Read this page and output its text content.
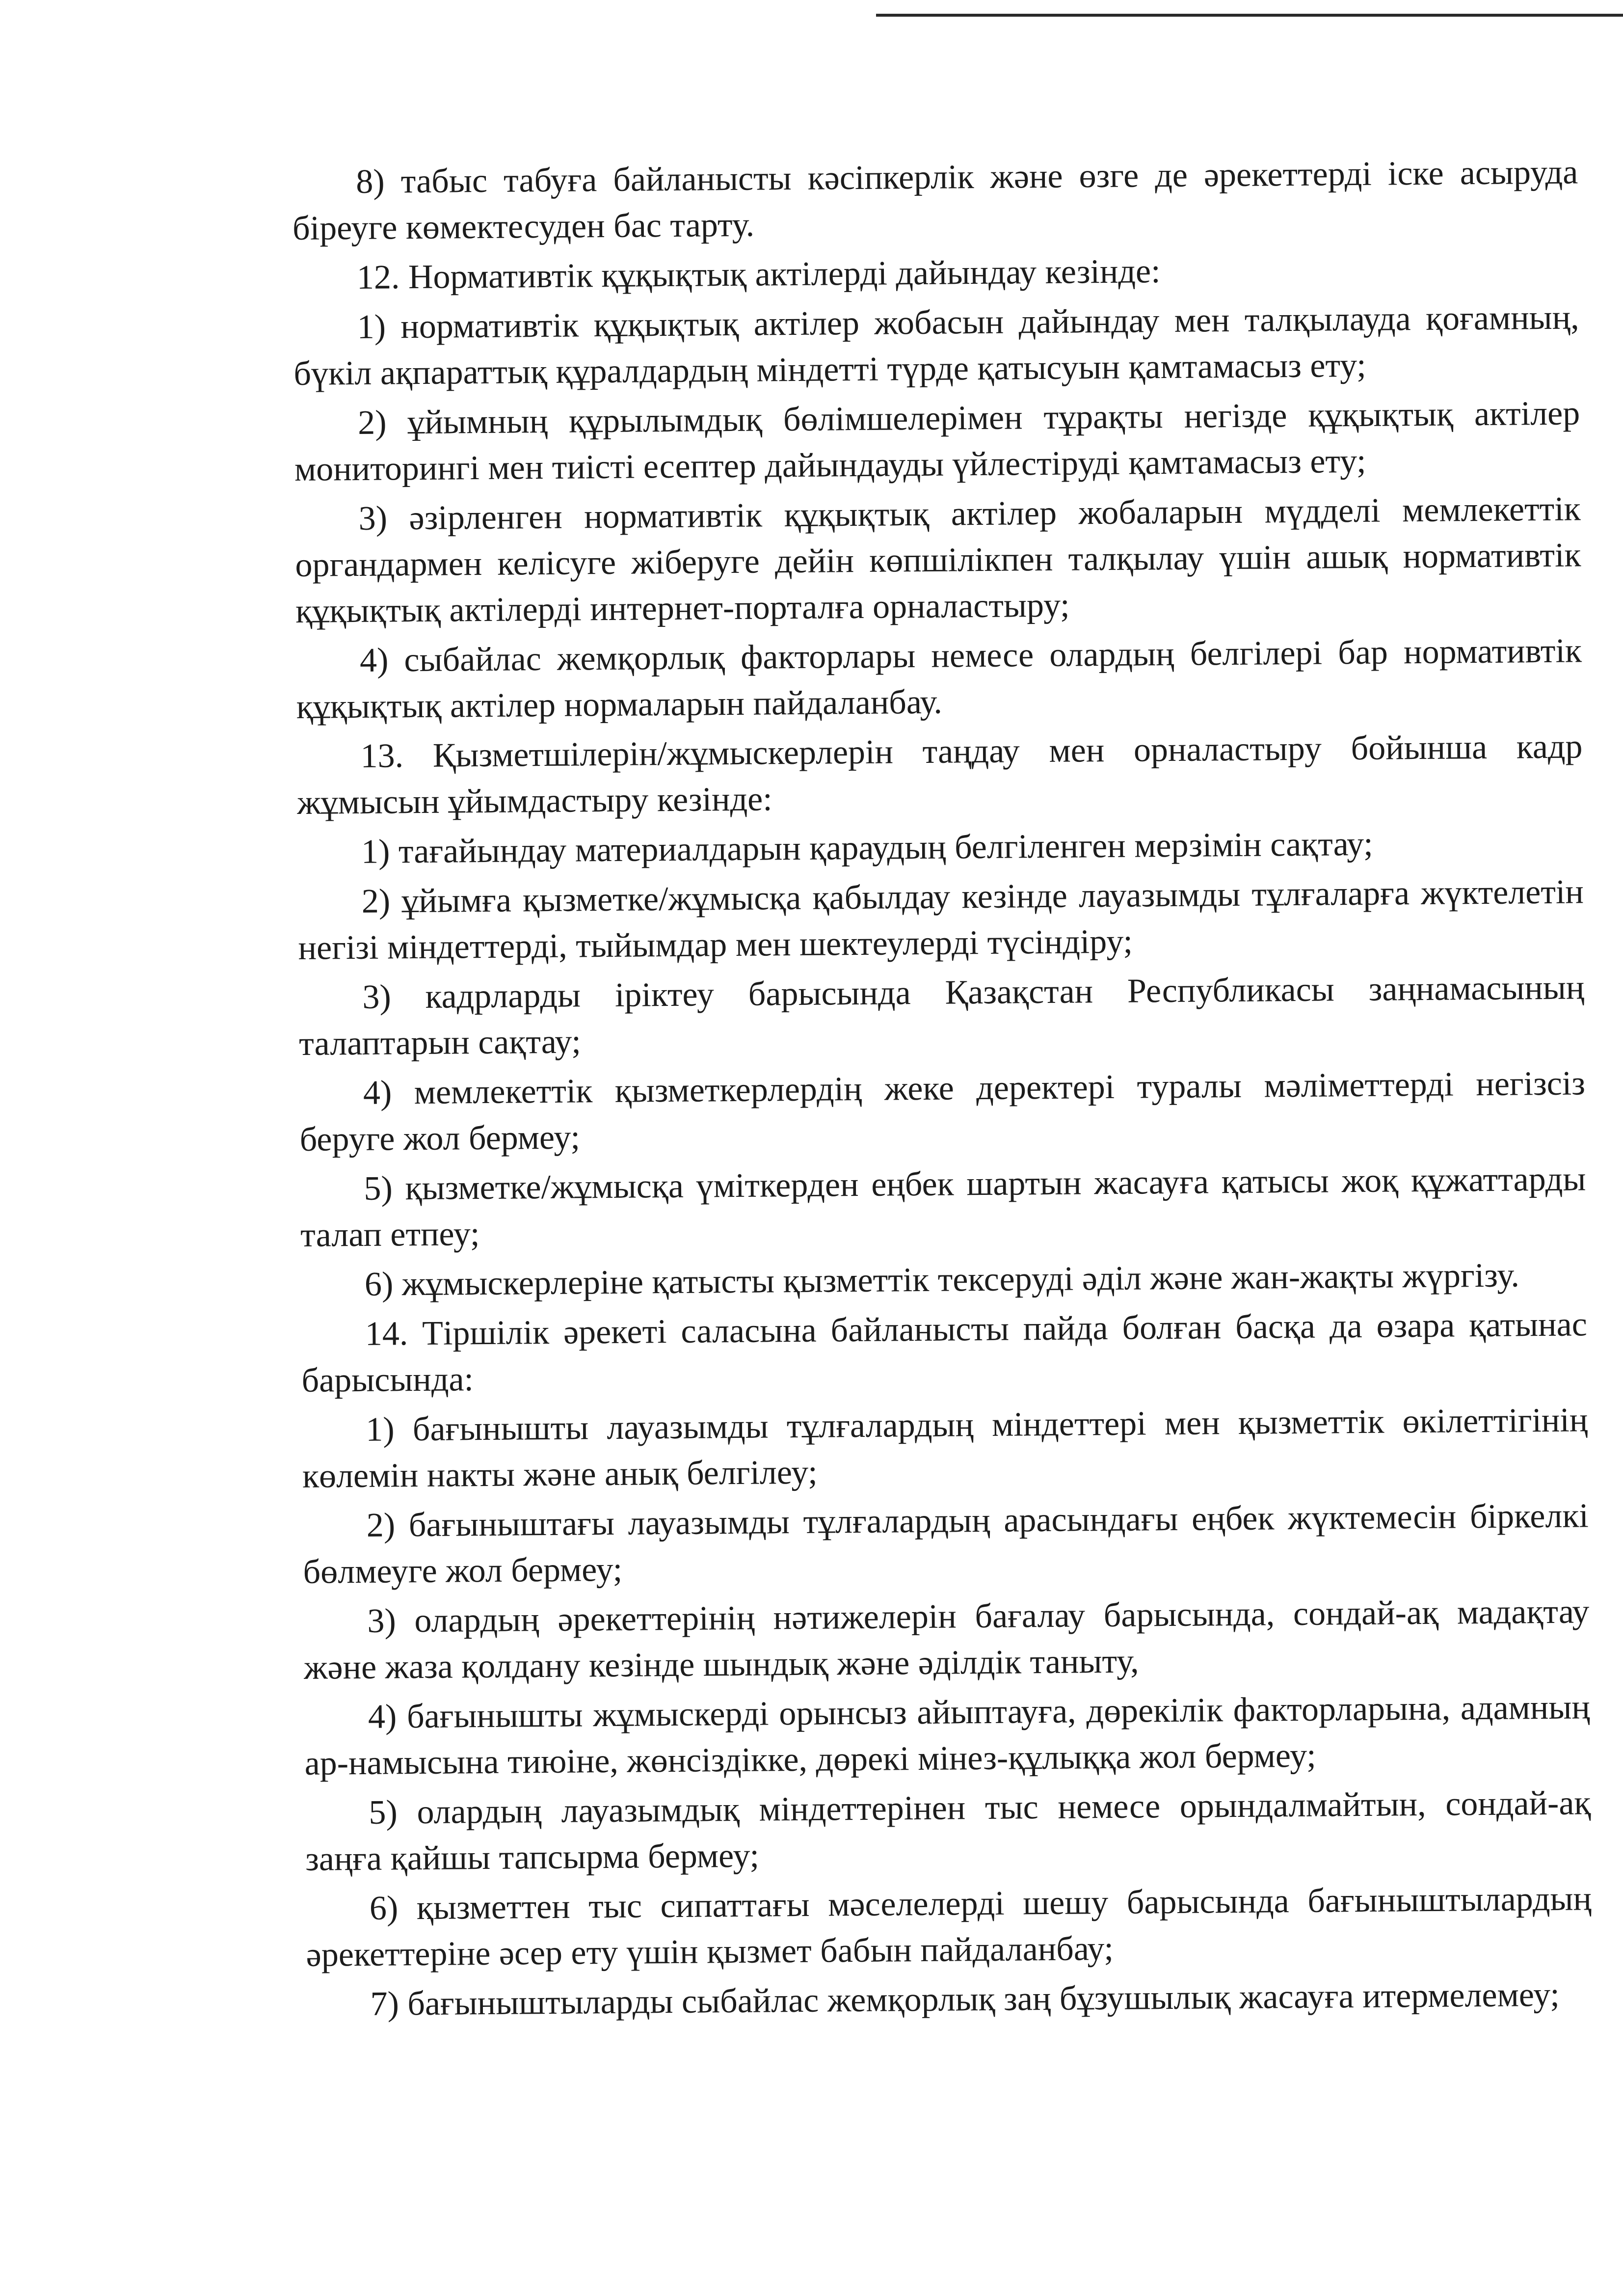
8) табыс табуға байланысты кәсіпкерлік және өзге де әрекеттерді іске асыруда біреуге көмектесуден бас тарту.

12. Нормативтік құқықтық актілерді дайындау кезінде:

1) нормативтік құқықтық актілер жобасын дайындау мен талқылауда қоғамның, бүкіл ақпараттық құралдардың міндетті түрде қатысуын қамтамасыз ету;

2) ұйымның құрылымдық бөлімшелерімен тұрақты негізде құқықтық актілер мониторингі мен тиісті есептер дайындауды үйлестіруді қамтамасыз ету;

3) әзірленген нормативтік құқықтық актілер жобаларын мүдделі мемлекеттік органдармен келісуге жіберуге дейін көпшілікпен талқылау үшін ашық нормативтік құқықтық актілерді интернет-порталға орналастыру;

4) сыбайлас жемқорлық факторлары немесе олардың белгілері бар нормативтік құқықтық актілер нормаларын пайдаланбау.

13. Қызметшілерін/жұмыскерлерін таңдау мен орналастыру бойынша кадр жұмысын ұйымдастыру кезінде:

1) тағайындау материалдарын қараудың белгіленген мерзімін сақтау;

2) ұйымға қызметке/жұмысқа қабылдау кезінде лауазымды тұлғаларға жүктелетін негізі міндеттерді, тыйымдар мен шектеулерді түсіндіру;

3) кадрларды іріктеу барысында Қазақстан Республикасы заңнамасының талаптарын сақтау;

4) мемлекеттік қызметкерлердің жеке деректері туралы мәліметтерді негізсіз беруге жол бермеу;

5) қызметке/жұмысқа үміткерден еңбек шартын жасауға қатысы жоқ құжаттарды талап етпеу;

6) жұмыскерлеріне қатысты қызметтік тексеруді әділ және жан-жақты жүргізу.

14. Тіршілік әрекеті саласына байланысты пайда болған басқа да өзара қатынас барысында:

1) бағынышты лауазымды тұлғалардың міндеттері мен қызметтік өкілеттігінің көлемін накты және анық белгілеу;

2) бағыныштағы лауазымды тұлғалардың арасындағы еңбек жүктемесін біркелкі бөлмеуге жол бермеу;

3) олардың әрекеттерінің нәтижелерін бағалау барысында, сондай-ақ мадақтау және жаза қолдану кезінде шындық және әділдік таныту,

4) бағынышты жұмыскерді орынсыз айыптауға, дөрекілік факторларына, адамның ар-намысына тиюіне, жөнсіздікке, дөрекі мінез-құлыққа жол бермеу;

5) олардың лауазымдық міндеттерінен тыс немесе орындалмайтын, сондай-ақ заңға қайшы тапсырма бермеу;

6) қызметтен тыс сипаттағы мәселелерді шешу барысында бағыныштылардың әрекеттеріне әсер ету үшін қызмет бабын пайдаланбау;

7) бағыныштыларды сыбайлас жемқорлық заң бұзушылық жасауға итермелемеу;
